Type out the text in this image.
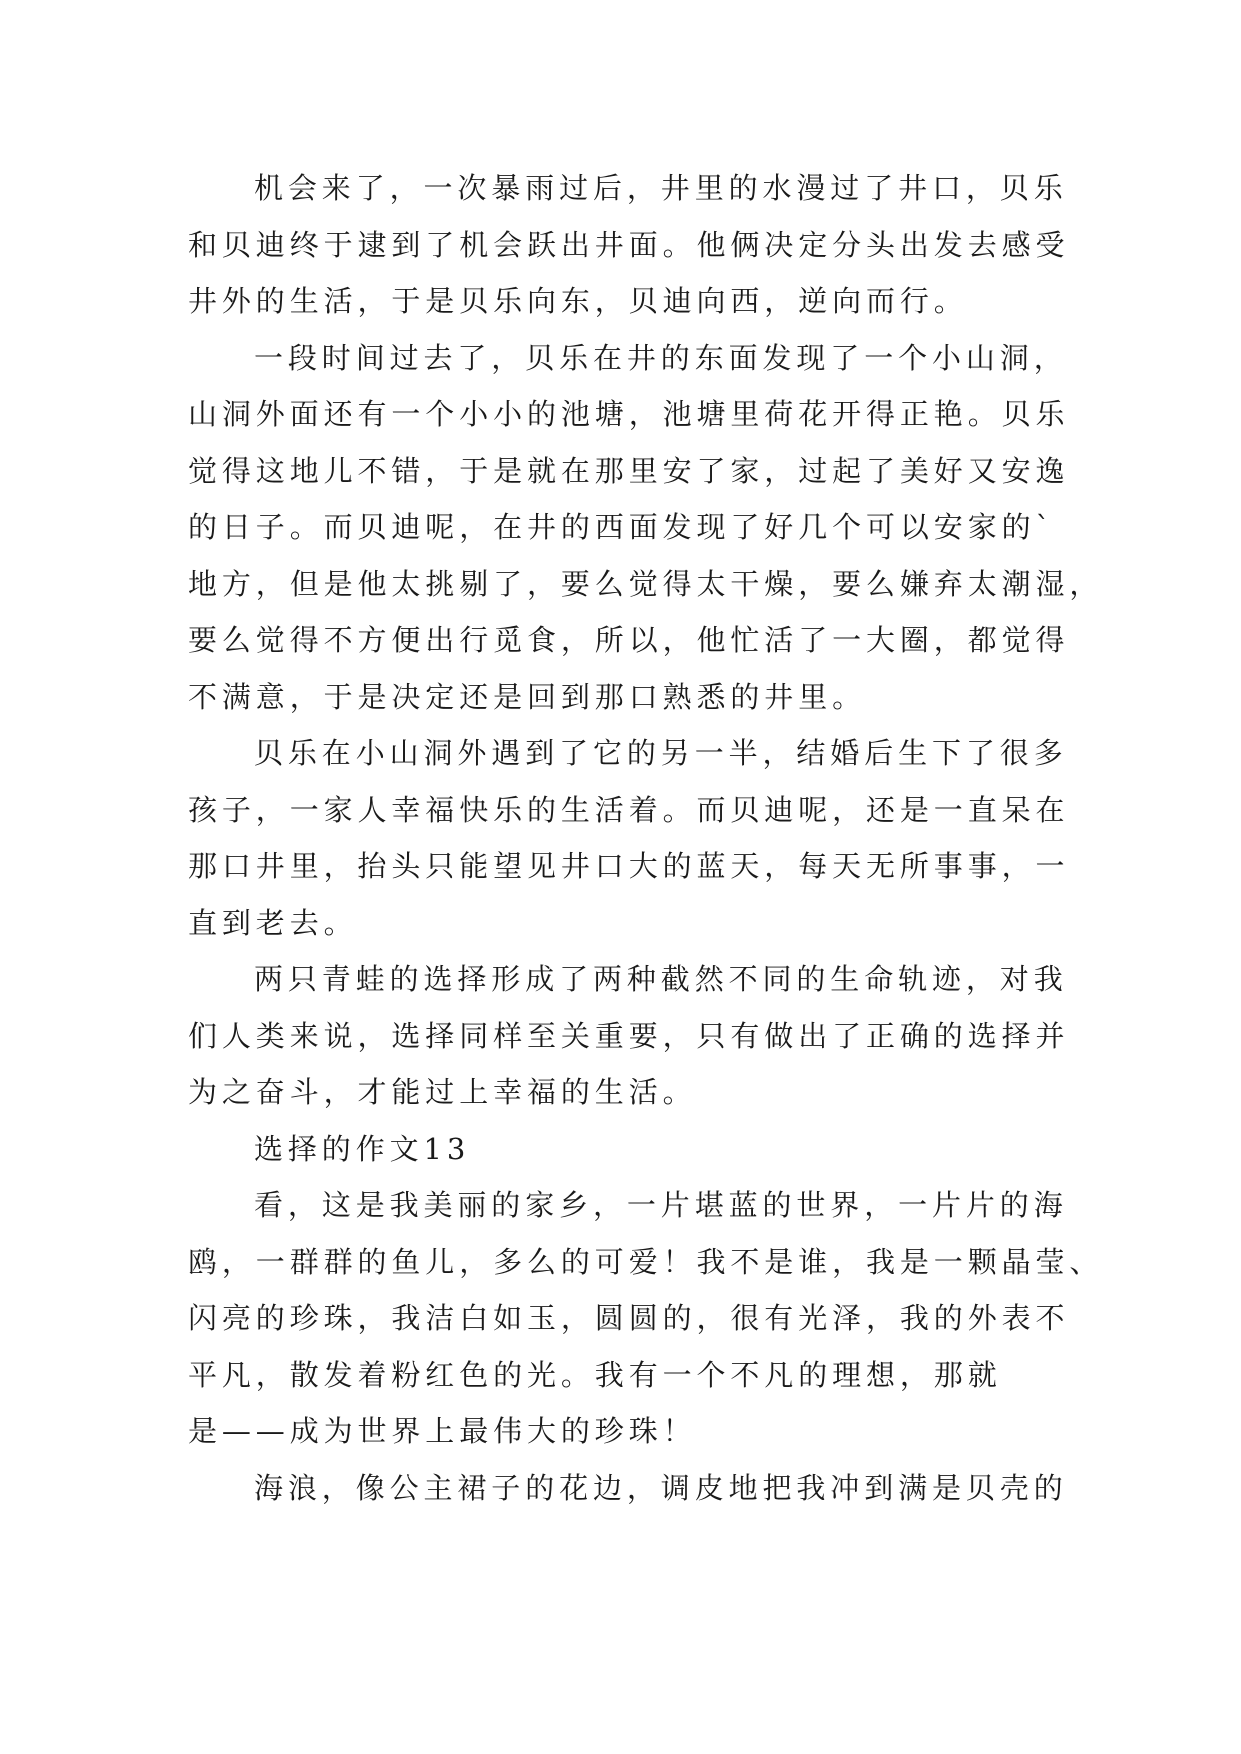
机会来了，一次暴雨过后，井里的水漫过了井口，贝乐
和贝迪终于逮到了机会跃出井面。他俩决定分头出发去感受
井外的生活，于是贝乐向东，贝迪向西，逆向而行。
一段时间过去了，贝乐在井的东面发现了一个小山洞，
山洞外面还有一个小小的池塘，池塘里荷花开得正艳。贝乐
觉得这地儿不错，于是就在那里安了家，过起了美好又安逸
的日子。而贝迪呢，在井的西面发现了好几个可以安家的`
地方，但是他太挑剔了，要么觉得太干燥，要么嫌弃太潮湿，
要么觉得不方便出行觅食，所以，他忙活了一大圈，都觉得
不满意，于是决定还是回到那口熟悉的井里。
贝乐在小山洞外遇到了它的另一半，结婚后生下了很多
孩子，一家人幸福快乐的生活着。而贝迪呢，还是一直呆在
那口井里，抬头只能望见井口大的蓝天，每天无所事事，一
直到老去。
两只青蛙的选择形成了两种截然不同的生命轨迹，对我
们人类来说，选择同样至关重要，只有做出了正确的选择并
为之奋斗，才能过上幸福的生活。
选择的作文13
看，这是我美丽的家乡，一片堪蓝的世界，一片片的海
鸥，一群群的鱼儿，多么的可爱！我不是谁，我是一颗晶莹、
闪亮的珍珠，我洁白如玉，圆圆的，很有光泽，我的外表不
平凡，散发着粉红色的光。我有一个不凡的理想，那就
是——成为世界上最伟大的珍珠！
海浪，像公主裙子的花边，调皮地把我冲到满是贝壳的
